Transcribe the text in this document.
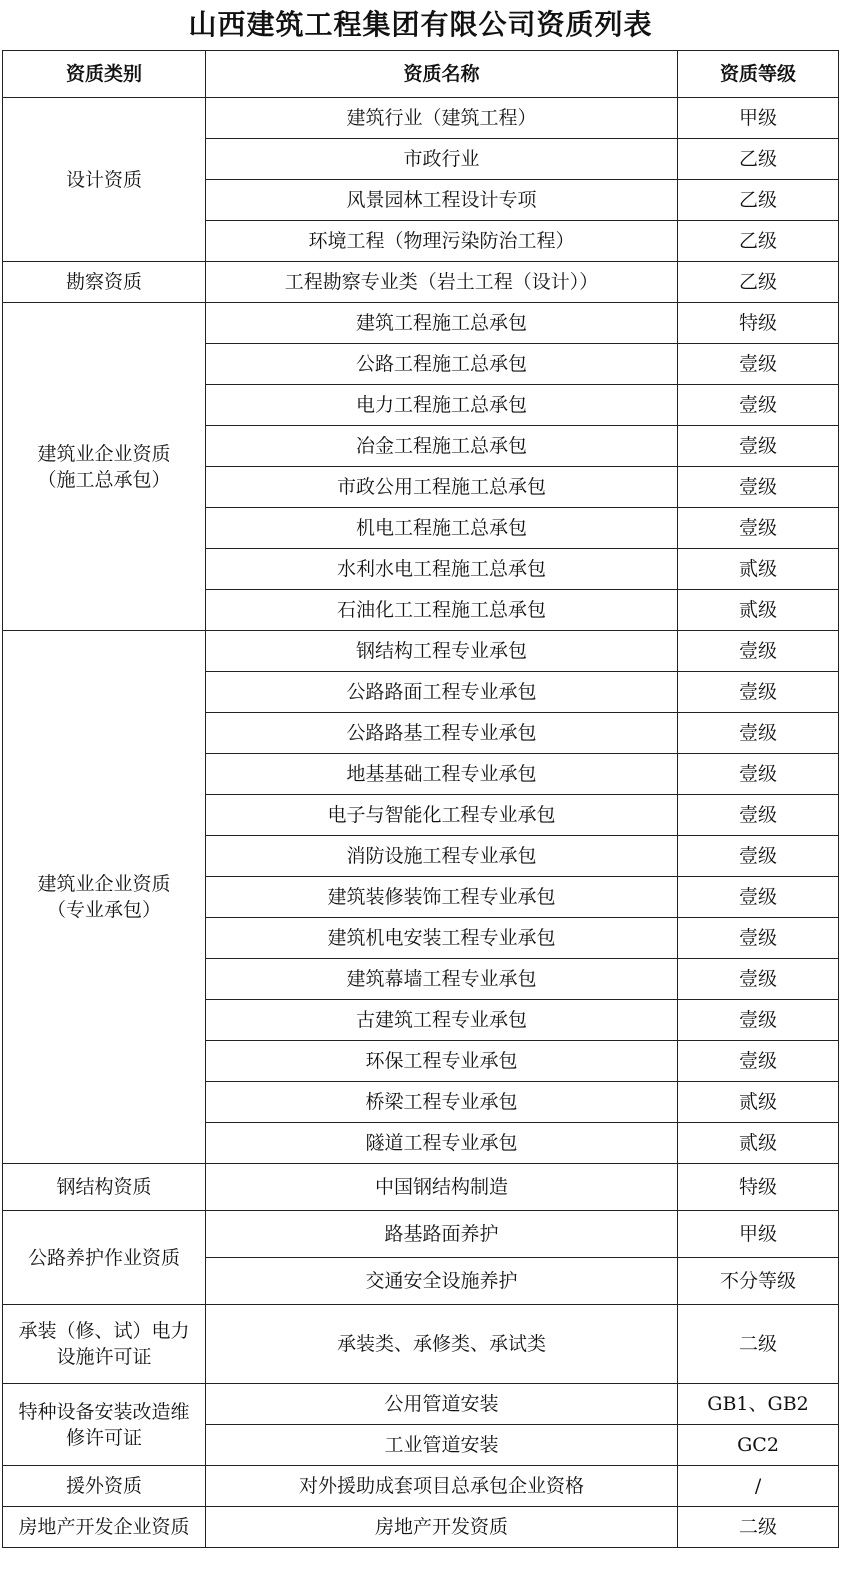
山西建筑工程集团有限公司资质列表		
资质类别	资质名称	资质等级
设计资质	建筑行业（建筑工程）	甲级
	市政行业	乙级
	风景园林工程设计专项	乙级
	环境工程（物理污染防治工程）	乙级
勘察资质	工程勘察专业类（岩土工程（设计））	乙级
建筑业企业资质
（施工总承包）	建筑工程施工总承包	特级
	公路工程施工总承包	壹级
	电力工程施工总承包	壹级
	冶金工程施工总承包	壹级
	市政公用工程施工总承包	壹级
	机电工程施工总承包	壹级
	水利水电工程施工总承包	贰级
	石油化工工程施工总承包	贰级
建筑业企业资质
（专业承包）	钢结构工程专业承包	壹级
	公路路面工程专业承包	壹级
	公路路基工程专业承包	壹级
	地基基础工程专业承包	壹级
	电子与智能化工程专业承包	壹级
	消防设施工程专业承包	壹级
	建筑装修装饰工程专业承包	壹级
	建筑机电安装工程专业承包	壹级
	建筑幕墙工程专业承包	壹级
	古建筑工程专业承包	壹级
	环保工程专业承包	壹级
	桥梁工程专业承包	贰级
	隧道工程专业承包	贰级
钢结构资质	中国钢结构制造	特级
公路养护作业资质	路基路面养护	甲级
	交通安全设施养护	不分等级
承装（修、试）电力
设施许可证	承装类、承修类、承试类	二级
特种设备安装改造维
修许可证	公用管道安装	GB1、GB2
	工业管道安装	GC2
援外资质	对外援助成套项目总承包企业资格	/
房地产开发企业资质	房地产开发资质	二级
